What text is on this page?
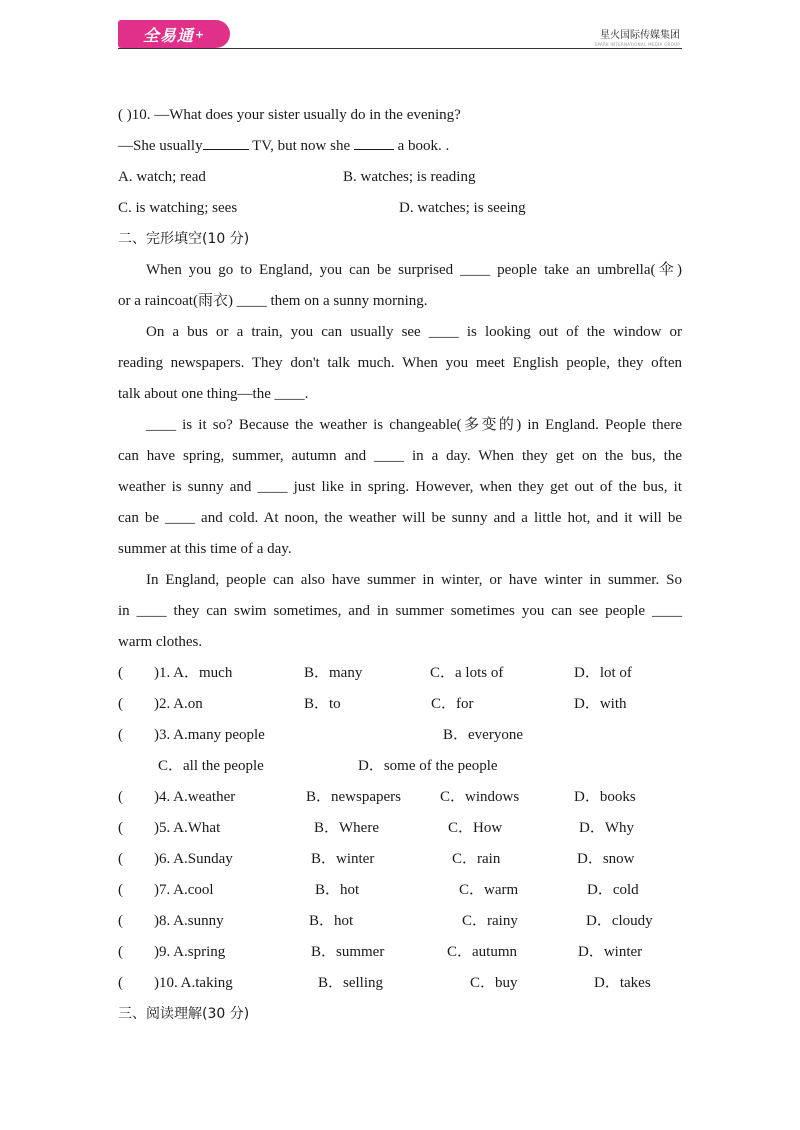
全易通 +	星火国际传媒集团
SPARK INTERNATIONAL MEDIA GROUP
( )10. —What does your sister usually do in the evening?
—She usually	TV, but now she	a book. .
A. watch; read	B. watches; is reading
C. is watching; sees	D. watches; is seeing
二、完形填空(10 分)
When you go to England, you can be surprised ____ people take an umbrella(伞)
or a raincoat(雨衣) ____ them on a sunny morning.
On a bus or a train, you can usually see ____ is looking out of the window or
reading newspapers. They don't talk much. When you meet English people, they often
talk about one thing—the ____.
____ is it so? Because the weather is changeable(多变的) in England. People there
can have spring, summer, autumn and ____ in a day. When they get on the bus, the
weather is sunny and ____ just like in spring. However, when they get out of the bus, it
can be ____ and cold. At noon, the weather will be sunny and a little hot, and it will be
summer at this time of a day.
In England, people can also have summer in winter, or have winter in summer. So
in ____ they can swim sometimes, and in summer sometimes you can see people ____
warm clothes.
( )1. A．much	B．many	C．a lots of	D．lot of
( )2. A.on	B．to	C．for	D．with
( )3. A.many people	B．everyone
C．all the people	D．some of the people
( )4. A.weather	B．newspapers	C．windows	D．books
( )5. A.What	B．Where	C．How	D．Why
( )6. A.Sunday	B．winter	C．rain	D．snow
( )7. A.cool	B．hot	C．warm	D．cold
( )8. A.sunny	B．hot	C．rainy	D．cloudy
( )9. A.spring	B．summer	C．autumn	D．winter
( )10. A.taking	B．selling	C．buy	D．takes
三、阅读理解(30 分)
